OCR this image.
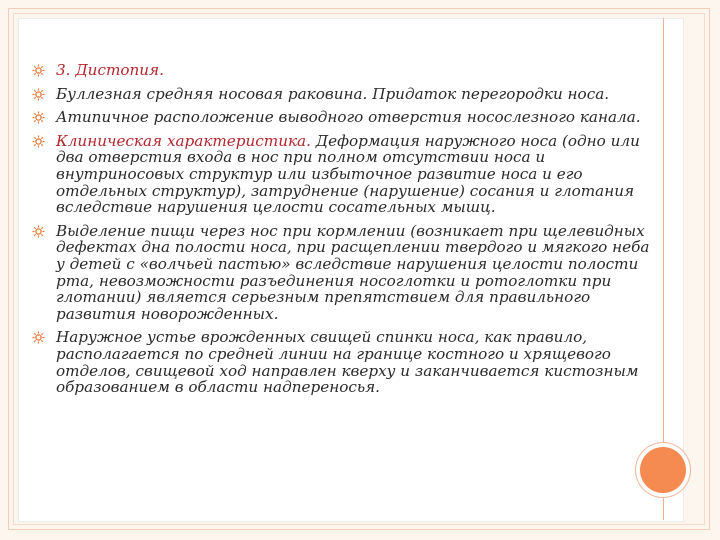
3. Дистопия.
Буллезная средняя носовая раковина. Придаток перегородки носа.
Атипичное расположение выводного отверстия носослезного канала.
Клиническая характеристика. Деформация наружного носа (одно или два отверстия входа в нос при полном отсутствии носа и внутриносовых структур или избыточное развитие носа и его отдельных структур), затруднение (нарушение) сосания и глотания вследствие нарушения целости сосательных мышц.
Выделение пищи через нос при кормлении (возникает при щелевидных дефектах дна полости носа, при расщеплении твердого и мягкого неба у детей с «волчьей пастью» вследствие нарушения целости полости рта, невозможности разъединения носоглотки и ротоглотки при глотании) является серьезным препятствием для правильного развития новорожденных.
Наружное устье врожденных свищей спинки носа, как правило, располагается по средней линии на границе костного и хрящевого отделов, свищевой ход направлен кверху и заканчивается кистозным образованием в области надпереносья.
